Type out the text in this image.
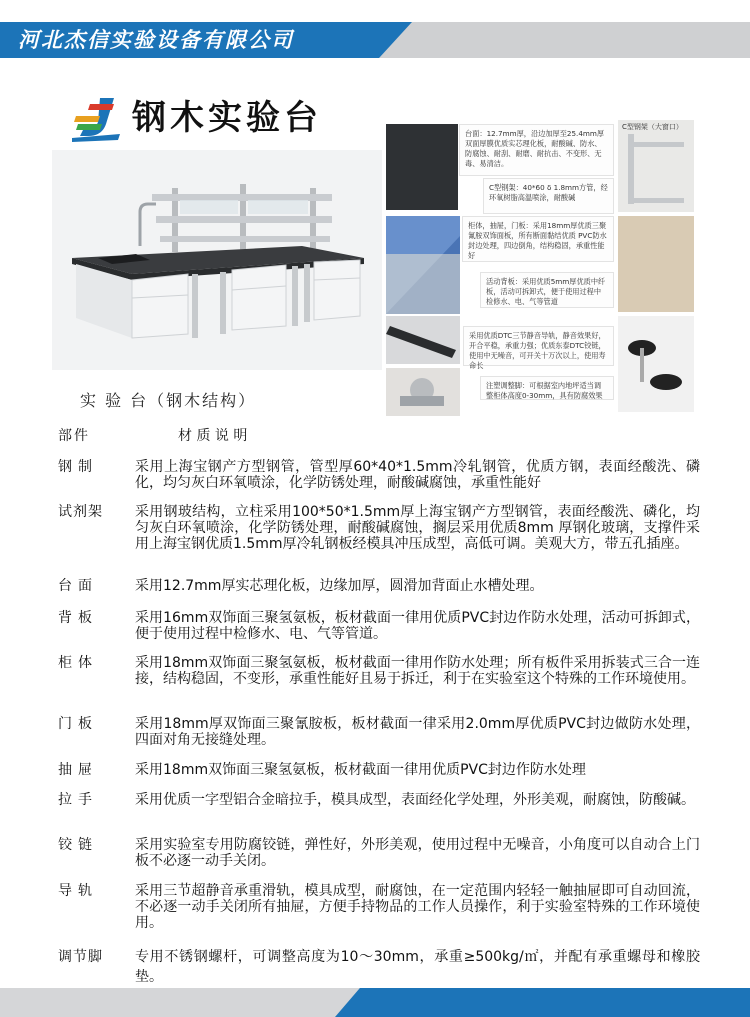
河北杰信实验设备有限公司
钢木实验台	台面：12.7mm厚，沿边加厚至25.4mm厚双面厚膜优质实芯理化板，耐酸碱、防水、防腐蚀、耐刮、耐磨、耐抗击、不变形、无毒、易清洁。
C型钢架：40*60 δ 1.8mm方管，经环氧树脂高温喷涂，耐酸碱
C型钢架（大窗口）
柜体，抽屉，门板：采用18mm厚优质三聚氰胺双饰面板，所有断面黏结优质 PVC防水封边处理，四边倒角，结构稳固，承重性能好
活动背板：采用优质5mm厚优质中纤板，活动可拆卸式，便于使用过程中检修水、电、气等管道
采用优质DTC三节静音导轨，静音效果好，开合平稳，承重力强；优质东泰DTC铰链，使用中无噪音，可开关十万次以上，使用寿命长
注塑调整脚：可根据室内地坪适当调整柜体高度0-30mm，具有防腐效果
实 验 台（钢木结构）
部件	材 质 说 明
钢制	采用上海宝钢产方型钢管，管型厚60*40*1.5mm冷轧钢管，优质方钢，表面经酸洗、磷化，均匀灰白环氧喷涂，化学防锈处理，耐酸碱腐蚀，承重性能好
试剂架	采用钢玻结构，立柱采用100*50*1.5mm厚上海宝钢产方型钢管，表面经酸洗、磷化，均匀灰白环氧喷涂，化学防锈处理，耐酸碱腐蚀，搁层采用优质8mm 厚钢化玻璃，支撑件采用上海宝钢优质1.5mm厚冷轧钢板经模具冲压成型，高低可调。美观大方，带五孔插座。
台面	采用12.7mm厚实芯理化板，边缘加厚，圆滑加背面止水槽处理。
背板	采用16mm双饰面三聚氢氨板，板材截面一律用优质PVC封边作防水处理，活动可拆卸式，便于使用过程中检修水、电、气等管道。
柜体	采用18mm双饰面三聚氢氨板，板材截面一律用作防水处理；所有板件采用拆装式三合一连接，结构稳固，不变形，承重性能好且易于拆迁，利于在实验室这个特殊的工作环境使用。
门板	采用18mm厚双饰面三聚氰胺板，板材截面一律采用2.0mm厚优质PVC封边做防水处理，四面对角无接缝处理。
抽屉	采用18mm双饰面三聚氢氨板，板材截面一律用优质PVC封边作防水处理
拉手	采用优质一字型铝合金暗拉手，模具成型，表面经化学处理，外形美观，耐腐蚀，防酸碱。
铰链	采用实验室专用防腐铰链，弹性好，外形美观，使用过程中无噪音，小角度可以自动合上门板不必逐一动手关闭。
导轨	采用三节超静音承重滑轨，模具成型，耐腐蚀，在一定范围内轻轻一触抽屉即可自动回流，不必逐一动手关闭所有抽屉，方便手持物品的工作人员操作，利于实验室特殊的工作环境使用。
调节脚	专用不锈钢螺杆，可调整高度为10～30mm，承重≥500kg/㎡，并配有承重螺母和橡胶垫。
